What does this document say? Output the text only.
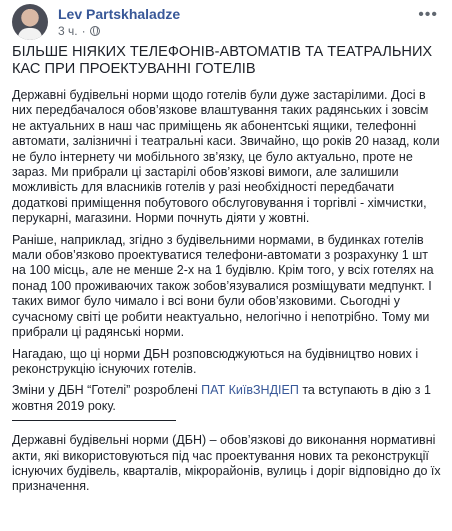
Lev Partskhaladze
3 ч. ·
•••
БІЛЬШЕ НІЯКИХ ТЕЛЕФОНІВ-АВТОМАТІВ ТА ТЕАТРАЛЬНИХ КАС ПРИ ПРОЕКТУВАННІ ГОТЕЛІВ
Державні будівельні норми щодо готелів були дуже застарілими. Досі в них передбачалося обов’язкове влаштування таких радянських і зовсім не актуальних в наш час приміщень як абонентські ящики, телефонні автомати, залізничні і театральні каси. Звичайно, що років 20 назад, коли не було інтернету чи мобільного зв’язку, це було актуально, проте не зараз. Ми прибрали ці застарілі обов’язкові вимоги, але залишили можливість для власників готелів у разі необхідності передбачати додаткові приміщення побутового обслуговування і торгівлі - хімчистки, перукарні, магазини. Норми почнуть діяти у жовтні.
Раніше, наприклад, згідно з будівельними нормами, в будинках готелів мали обов’язково проектуватися телефони-автомати з розрахунку 1 шт на 100 місць, але не менше 2-х на 1 будівлю. Крім того, у всіх готелях на понад 100 проживаючих також зобов’язувалися розміщувати медпункт. І таких вимог було чимало і всі вони були обов’язковими. Сьогодні у сучасному світі це робити неактуально, нелогічно і непотрібно. Тому ми прибрали ці радянські норми.
Нагадаю, що ці норми ДБН розповсюджуються на будівництво нових і реконструкцію існуючих готелів.
Зміни у ДБН “Готелі” розроблені ПАТ КиївЗНДІЕП та вступають в дію з 1 жовтня 2019 року.
Державні будівельні норми (ДБН) – обов’язкові до виконання нормативні акти, які використовуються під час проектування нових та реконструкції існуючих будівель, кварталів, мікрорайонів, вулиць і доріг відповідно до їх призначення.
